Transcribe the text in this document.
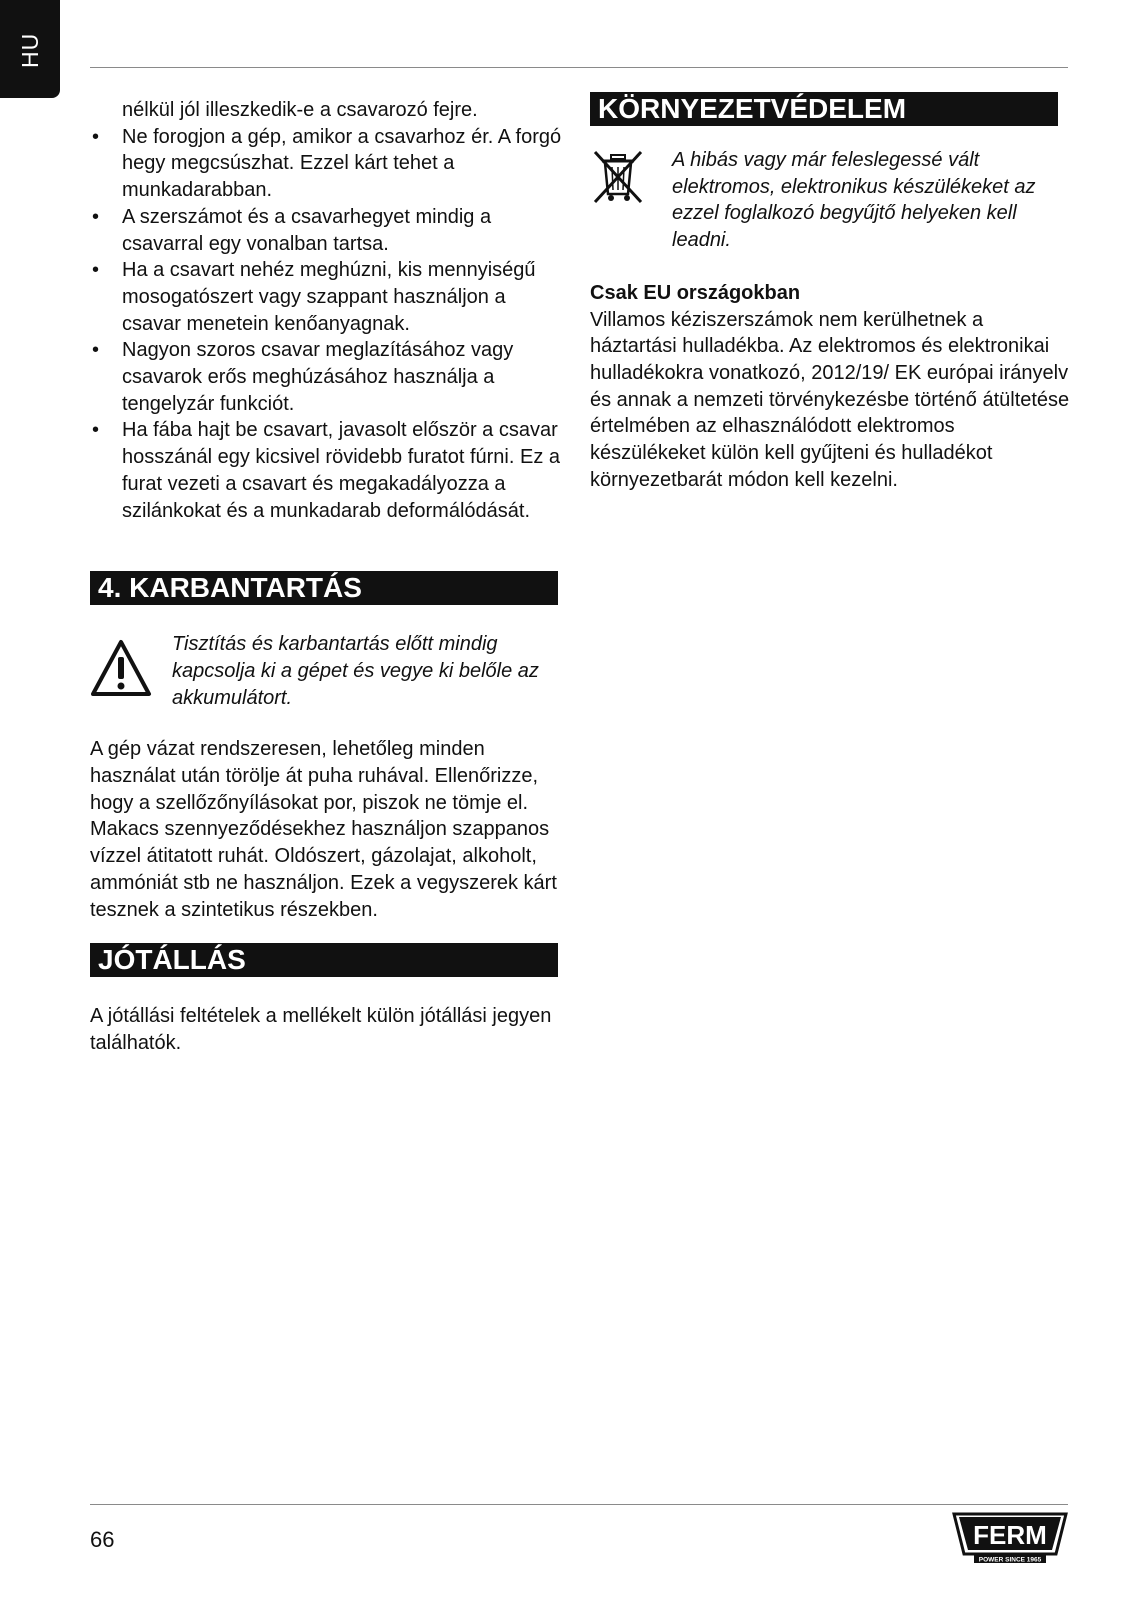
HU

nélkül jól illeszkedik-e a csavarozó fejre.

• Ne forogjon a gép, amikor a csavarhoz ér. A forgó hegy megcsúszhat. Ezzel kárt tehet a munkadarabban.
• A szerszámot és a csavarhegyet mindig a csavarral egy vonalban tartsa.
• Ha a csavart nehéz meghúzni, kis mennyiségű mosogatószert vagy szappant használjon a csavar menetein kenőanyagnak.
• Nagyon szoros csavar meglazításához vagy csavarok erős meghúzásához használja a tengelyzár funkciót.
• Ha fába hajt be csavart, javasolt először a csavar hosszánál egy kicsivel rövidebb furatot fúrni. Ez a furat vezeti a csavart és megakadályozza a szilánkokat és a munkadarab deformálódását.
4. KARBANTARTÁS

Tisztítás és karbantartás előtt mindig kapcsolja ki a gépet és vegye ki belőle az akkumulátort.

A gép vázat rendszeresen, lehetőleg minden használat után törölje át puha ruhával. Ellenőrizze, hogy a szellőzőnyílásokat por, piszok ne tömje el. Makacs szennyeződésekhez használjon szappanos vízzel átitatott ruhát. Oldószert, gázolajat, alkoholt, ammóniát stb ne használjon. Ezek a vegyszerek kárt tesznek a szintetikus részekben.

JÓTÁLLÁS

A jótállási feltételek a mellékelt külön jótállási jegyen találhatók.

KÖRNYEZETVÉDELEM

A hibás vagy már feleslegessé vált elektromos, elektronikus készülékeket az ezzel foglalkozó begyűjtő helyeken kell leadni.

Csak EU országokban

Villamos kéziszerszámok nem kerülhetnek a háztartási hulladékba. Az elektromos és elektronikai hulladékokra vonatkozó, 2012/19/ EK európai irányelv és annak a nemzeti törvénykezésbe történő átültetése értelmében az elhasználódott elektromos készülékeket külön kell gyűjteni és hulladékot környezetbarát módon kell kezelni.

66	FERM
POWER SINCE 1965
